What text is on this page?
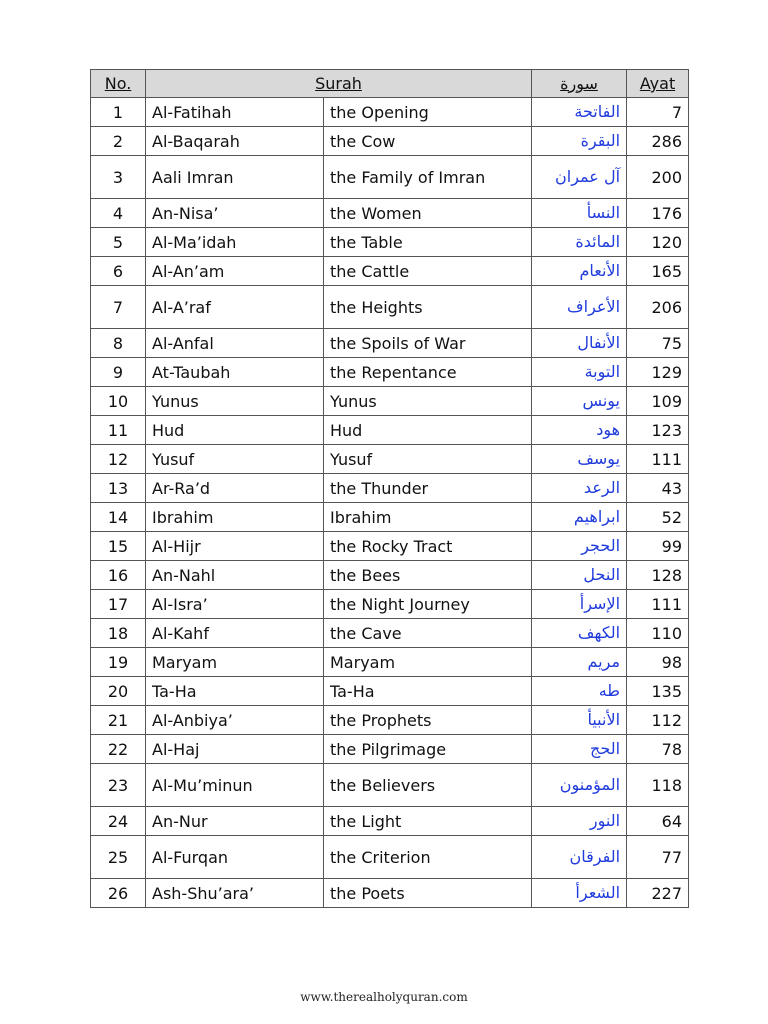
No.	Surah		سورة	Ayat
1	Al-Fatihah	the Opening	الفاتحة	7
2	Al-Baqarah	the Cow	البقرة	286
3	Aali Imran	the Family of Imran	آل عمران	200
4	An-Nisa’	the Women	النسأ	176
5	Al-Ma’idah	the Table	المائدة	120
6	Al-An’am	the Cattle	الأنعام	165
7	Al-A’raf	the Heights	الأعراف	206
8	Al-Anfal	the Spoils of War	الأنفال	75
9	At-Taubah	the Repentance	التوبة	129
10	Yunus	Yunus	يونس	109
11	Hud	Hud	هود	123
12	Yusuf	Yusuf	يوسف	111
13	Ar-Ra’d	the Thunder	الرعد	43
14	Ibrahim	Ibrahim	ابراهيم	52
15	Al-Hijr	the Rocky Tract	الحجر	99
16	An-Nahl	the Bees	النحل	128
17	Al-Isra’	the Night Journey	الإسرأ	111
18	Al-Kahf	the Cave	الكهف	110
19	Maryam	Maryam	مريم	98
20	Ta-Ha	Ta-Ha	طه	135
21	Al-Anbiya’	the Prophets	الأنبيأ	112
22	Al-Haj	the Pilgrimage	الحج	78
23	Al-Mu’minun	the Believers	المؤمنون	118
24	An-Nur	the Light	النور	64
25	Al-Furqan	the Criterion	الفرقان	77
26	Ash-Shu’ara’	the Poets	الشعرأ	227
www.therealholyquran.com
